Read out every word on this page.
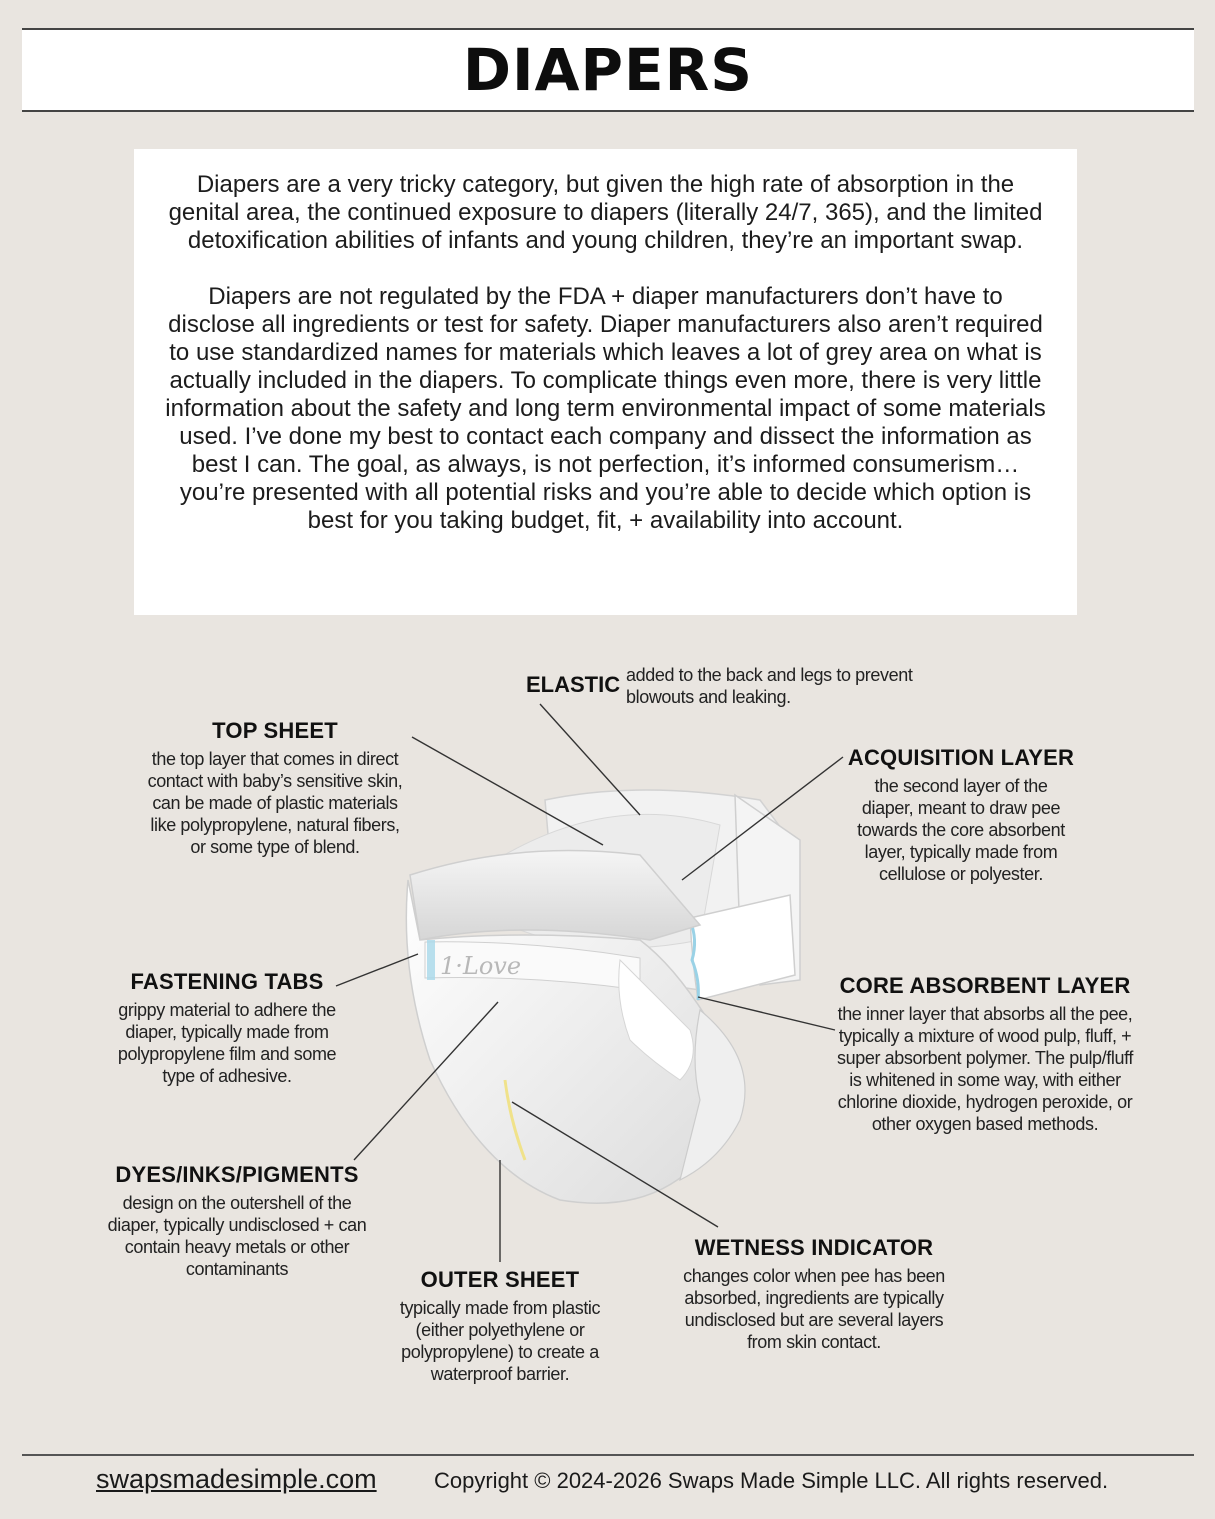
DIAPERS

Diapers are a very tricky category, but given the high rate of absorption in the genital area, the continued exposure to diapers (literally 24/7, 365), and the limited detoxification abilities of infants and young children, they’re an important swap.

Diapers are not regulated by the FDA + diaper manufacturers don’t have to disclose all ingredients or test for safety. Diaper manufacturers also aren’t required to use standardized names for materials which leaves a lot of grey area on what is actually included in the diapers. To complicate things even more, there is very little information about the safety and long term environmental impact of some materials used. I’ve done my best to contact each company and dissect the information as best I can. The goal, as always, is not perfection, it’s informed consumerism… you’re presented with all potential risks and you’re able to decide which option is best for you taking budget, fit, + availability into account.

1·Love
ELASTIC added to the back and legs to prevent blowouts and leaking.
TOP SHEET
the top layer that comes in direct contact with baby’s sensitive skin, can be made of plastic materials like polypropylene, natural fibers, or some type of blend.
ACQUISITION LAYER
the second layer of the diaper, meant to draw pee towards the core absorbent layer, typically made from cellulose or polyester.
FASTENING TABS
grippy material to adhere the diaper, typically made from polypropylene film and some type of adhesive.
CORE ABSORBENT LAYER
the inner layer that absorbs all the pee, typically a mixture of wood pulp, fluff, + super absorbent polymer. The pulp/fluff is whitened in some way, with either chlorine dioxide, hydrogen peroxide, or other oxygen based methods.
DYES/INKS/PIGMENTS
design on the outershell of the diaper, typically undisclosed + can contain heavy metals or other contaminants	OUTER SHEET
typically made from plastic (either polyethylene or polypropylene) to create a waterproof barrier.
WETNESS INDICATOR
changes color when pee has been absorbed, ingredients are typically undisclosed but are several layers from skin contact.
swapsmadesimple.com	Copyright © 2024-2026 Swaps Made Simple LLC. All rights reserved.
